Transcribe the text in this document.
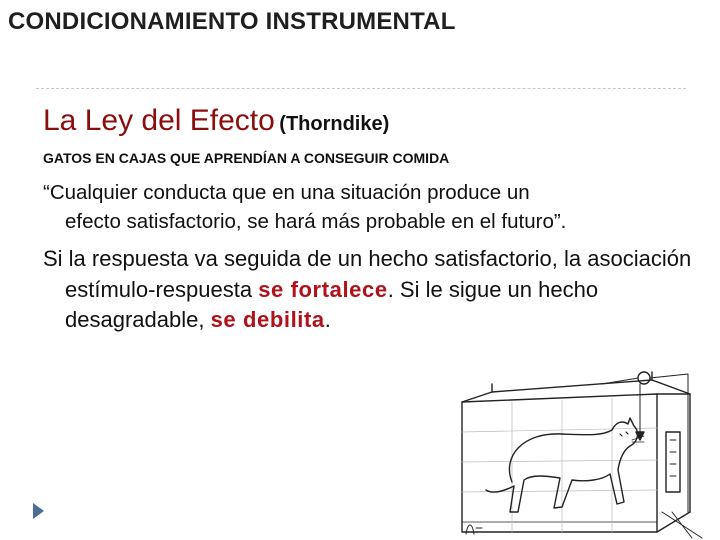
CONDICIONAMIENTO INSTRUMENTAL
La Ley del Efecto (Thorndike)
GATOS EN CAJAS QUE APRENDÍAN A CONSEGUIR COMIDA
“Cualquier conducta que en una situación produce un
efecto satisfactorio, se hará más probable en el futuro”.
Si la respuesta va seguida de un hecho satisfactorio, la asociación estímulo-respuesta se fortalece. Si le sigue un hecho desagradable, se debilita.
